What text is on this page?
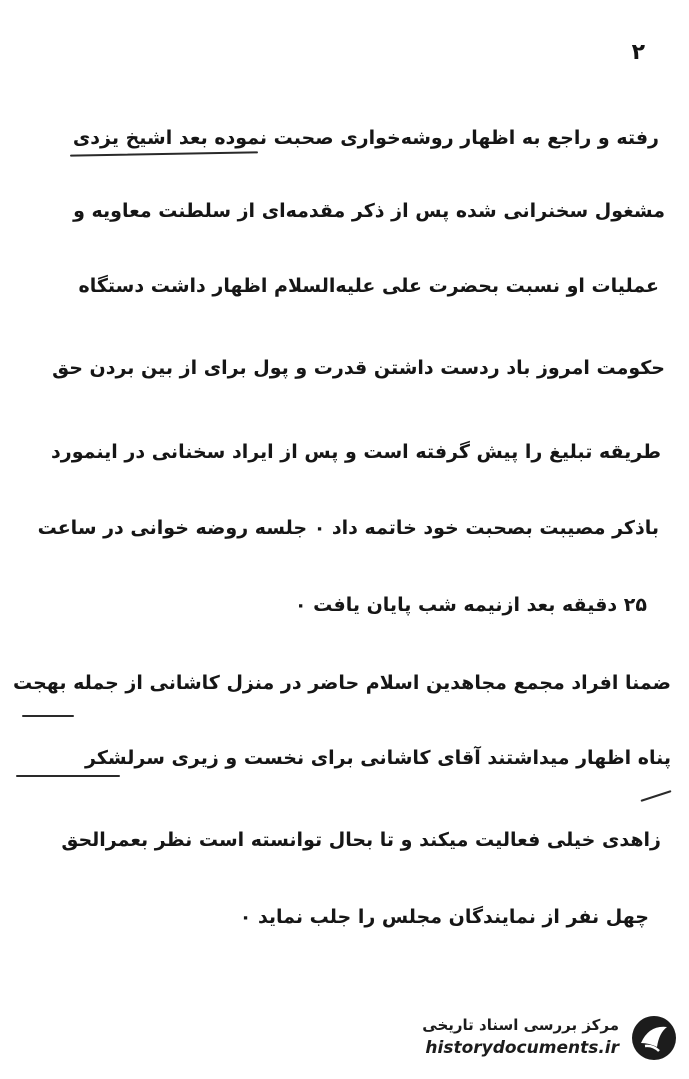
۲
رفته و راجع به‌ اظهار روشه‌خواری صحبت نموده بعد اشیخ یزدی
مشغول سخنرانی شده پس از ذکر مقدمه‌ای از سلطنت معاویه و
عملیات او نسبت بحضرت علی علیه‌السلام اظهار داشت دستگاه
حکومت امروز باد ردست داشتن قدرت و پول برای از بین بردن حق
طریقه تبلیغ را پیش گرفته است و پس از ایراد سخنانی در اینمورد
باذکر مصیبت بصحبت خود خاتمه داد ٠ جلسه روضه خوانی در ساعت
۲۵ دقیقه بعد ازنیمه شب پایان یافت ٠
ضمنا افراد مجمع مجاهدین اسلام حاضر در منزل کاشانی از جمله بهجت
پناه اظهار میداشتند آقای کاشانی برای نخست و زیری سرلشکر
زاهدی خیلی فعالیت میکند و تا بحال توانسته است نظر بعمرالحق
چهل نفر از نمایندگان مجلس را جلب نماید ٠
مرکز بررسی اسناد تاریخی
historydocuments.ir
